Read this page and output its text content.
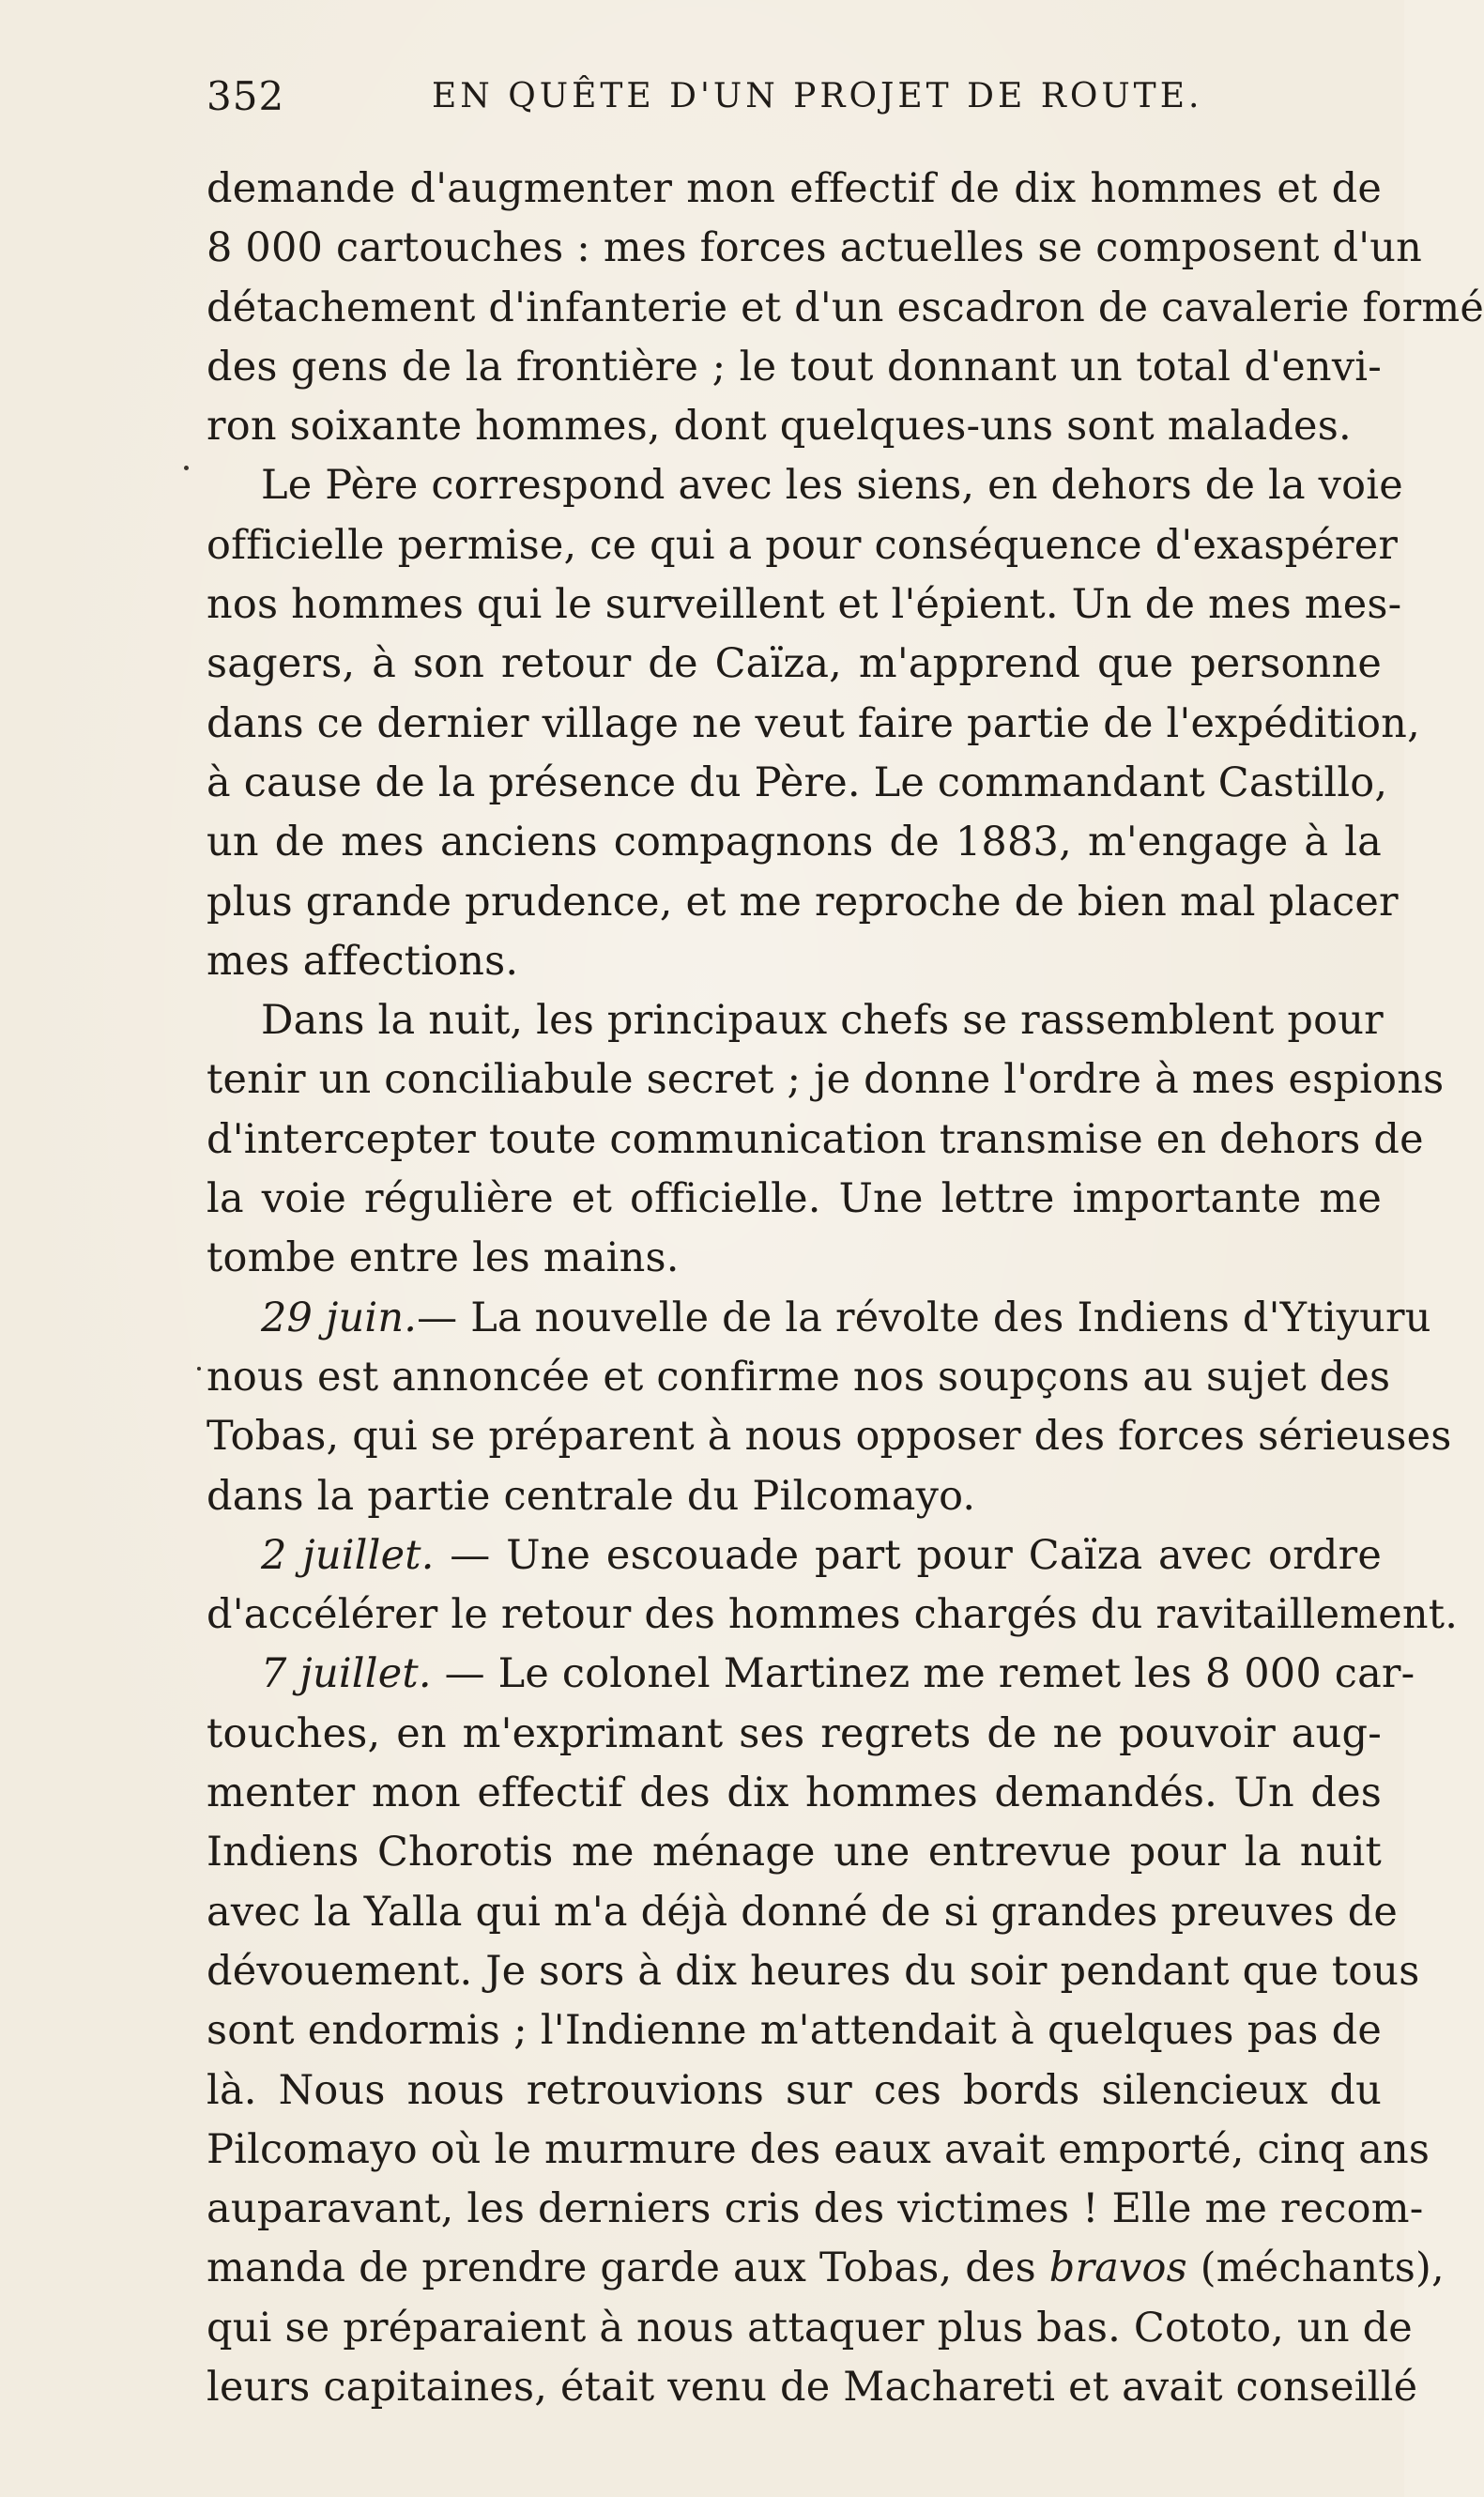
352	EN QUÊTE D'UN PROJET DE ROUTE.
demande d'augmenter mon effectif de dix hommes et de
8 000 cartouches : mes forces actuelles se composent d'un
détachement d'infanterie et d'un escadron de cavalerie formé
des gens de la frontière ; le tout donnant un total d'envi-
ron soixante hommes, dont quelques-uns sont malades.
Le Père correspond avec les siens, en dehors de la voie
officielle permise, ce qui a pour conséquence d'exaspérer
nos hommes qui le surveillent et l'épient. Un de mes mes-
sagers, à son retour de Caïza, m'apprend que personne
dans ce dernier village ne veut faire partie de l'expédition,
à cause de la présence du Père. Le commandant Castillo,
un de mes anciens compagnons de 1883, m'engage à la
plus grande prudence, et me reproche de bien mal placer
mes affections.
Dans la nuit, les principaux chefs se rassemblent pour
tenir un conciliabule secret ; je donne l'ordre à mes espions
d'intercepter toute communication transmise en dehors de
la voie régulière et officielle. Une lettre importante me
tombe entre les mains.
29 juin.— La nouvelle de la révolte des Indiens d'Ytiyuru
nous est annoncée et confirme nos soupçons au sujet des
Tobas, qui se préparent à nous opposer des forces sérieuses
dans la partie centrale du Pilcomayo.
2 juillet. — Une escouade part pour Caïza avec ordre
d'accélérer le retour des hommes chargés du ravitaillement.
7 juillet. — Le colonel Martinez me remet les 8 000 car-
touches, en m'exprimant ses regrets de ne pouvoir aug-
menter mon effectif des dix hommes demandés. Un des
Indiens Chorotis me ménage une entrevue pour la nuit
avec la Yalla qui m'a déjà donné de si grandes preuves de
dévouement. Je sors à dix heures du soir pendant que tous
sont endormis ; l'Indienne m'attendait à quelques pas de
là. Nous nous retrouvions sur ces bords silencieux du
Pilcomayo où le murmure des eaux avait emporté, cinq ans
auparavant, les derniers cris des victimes ! Elle me recom-
manda de prendre garde aux Tobas, des bravos (méchants),
qui se préparaient à nous attaquer plus bas. Cototo, un de
leurs capitaines, était venu de Machareti et avait conseillé
